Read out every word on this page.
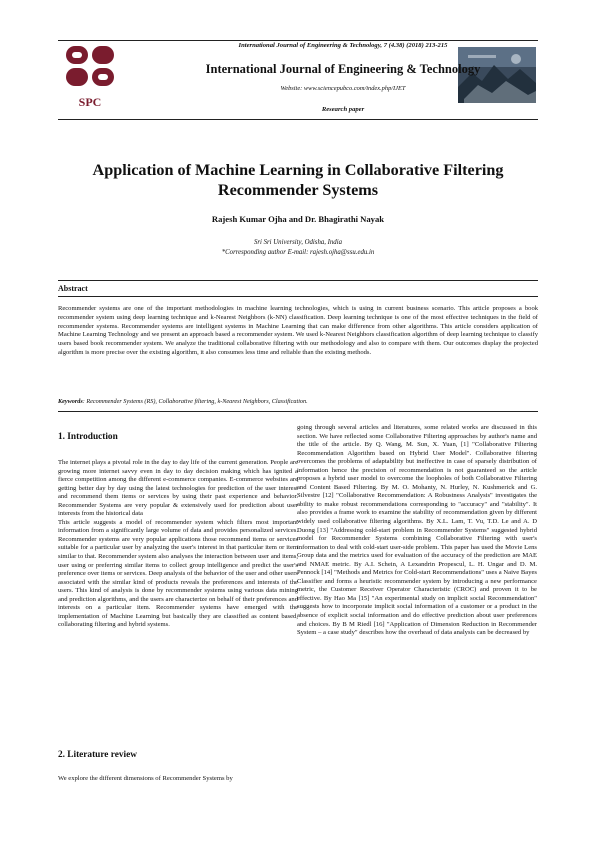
SPC
International Journal of Engineering & Technology, 7 (4.38) (2018) 213-215
International Journal of Engineering & Technology
Website: www.sciencepubco.com/index.php/IJET
Research paper
Application of Machine Learning in Collaborative Filtering
Recommender Systems
Rajesh Kumar Ojha and Dr. Bhagirathi Nayak
Sri Sri University, Odisha, India
*Corresponding author E-mail: rajesh.ojha@ssu.edu.in
Abstract
Recommender systems are one of the important methodologies in machine learning technologies, which is using in current business scenario. This article proposes a book recommender system using deep learning technique and k-Nearest Neighbors (k-NN) classification. Deep learning technique is one of the most effective techniques in the field of recommender systems. Recommender systems are intelligent systems in Machine Learning that can make difference from other algorithms. This article considers application of Machine Learning Technology and we present an approach based a recommender system. We used k-Nearest Neighbors classification algorithm of deep learning technique to classify users based book recommender system. We analyze the traditional collaborative filtering with our methodology and also to compare with them. Our outcomes display the projected algorithm is more precise over the existing algorithm, it also consumes less time and reliable than the existing methods.
Keywords: Recommender Systems (RS), Collaborative filtering, k-Nearest Neighbors, Classification.
1. Introduction

The internet plays a pivotal role in the day to day life of the current generation. People are growing more internet savvy even in day to day decision making which has ignited a fierce competition among the different e-commerce companies. E-commerce websites are getting better day by day using the latest technologies for prediction of the user interest and recommend them items or services by using their past experience and behavior. Recommender Systems are very popular & extensively used for prediction about user interests from the historical data

This article suggests a model of recommender system which filters most important information from a significantly large volume of data and provides personalized services. Recommender systems are very popular applications those recommend items or services suitable for a particular user by analyzing the user's interest in that particular item or item similar to that. Recommender system also analyses the interaction between user and items, user using or preferring similar items to collect group intelligence and predict the user's preference over items or services. Deep analysis of the behavior of the user and other users associated with the similar kind of products reveals the preferences and interests of the users. This kind of analysis is done by recommender systems using various data mining and prediction algorithms, and the users are characterize on behalf of their preferences and interests on a particular item. Recommender systems have emerged with the implementation of Machine Learning but basically they are classified as content based, collaborating filtering and hybrid systems.

2. Literature review

We explore the different dimensions of Recommender Systems by

going through several articles and literatures, some related works are discussed in this section. We have reflected some Collaborative Filtering approaches by author's name and the title of the article. By Q. Wang, M. Sun, X. Yuan, [1] "Collaborative Filtering Recommendation Algorithm based on Hybrid User Model". Collaborative filtering overcomes the problems of adaptability but ineffective in case of sparsely distribution of information hence the precision of recommendation is not guaranteed so the article proposes a hybrid user model to overcome the loopholes of both Collaborative Filtering and Content Based Filtering. By M. O. Mohanty, N. Hurley, N. Kushmerick and G. Silvestre [12] "Collaborative Recommendation: A Robustness Analysis" investigates the ability to make robust recommendations corresponding to "accuracy" and "stability". It also provides a frame work to examine the stability of recommendation given by different widely used collaborative filtering algorithms. By X.L. Lam, T. Vu, T.D. Le and A. D Duong [13] "Addressing cold-start problem in Recommender Systems" suggested hybrid model for Recommender Systems combining Collaborative Filtering with user's information to deal with cold-start user-side problem. This paper has used the Movie Lens Group data and the metrics used for evaluation of the accuracy of the prediction are MAE and NMAE metric. By A.I. Schein, A Lexandrin Propescul, L. H. Ungar and D. M. Pennock [14] "Methods and Metrics for Cold-start Recommendations" uses a Naive Bayes Classifier and forms a heuristic recommender system by introducing a new performance metric, the Customer Receiver Operator Characteristic (CROC) and proven it to be effective. By Hao Ma [15] "An experimental study on implicit social Recommendation" suggests how to incorporate implicit social information of a customer or a product in the absence of explicit social information and do effective prediction about user preferences and choices. By B M Riedl [16] "Application of Dimension Reduction in Recommender System – a case study" describes how the overhead of data analysis can be decreased by
